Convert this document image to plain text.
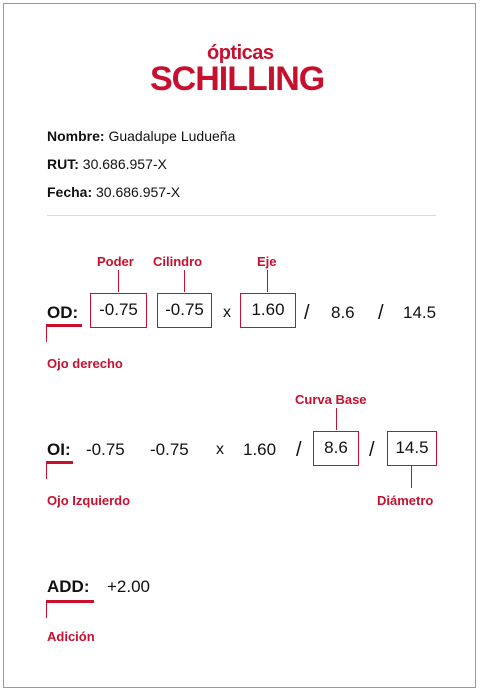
ópticas
SCHILLING
Nombre: Guadalupe Ludueña
RUT: 30.686.957-X
Fecha: 30.686.957-X
Poder Cilindro	Eje
OD:	-0.75	-0.75	x	1.60 / 8.6 / 14.5
Ojo derecho
Curva Base
OI: -0.75 -0.75 x 1.60 /	8.6	/	14.5
Ojo Izquierdo	Diámetro
ADD: +2.00
Adición
